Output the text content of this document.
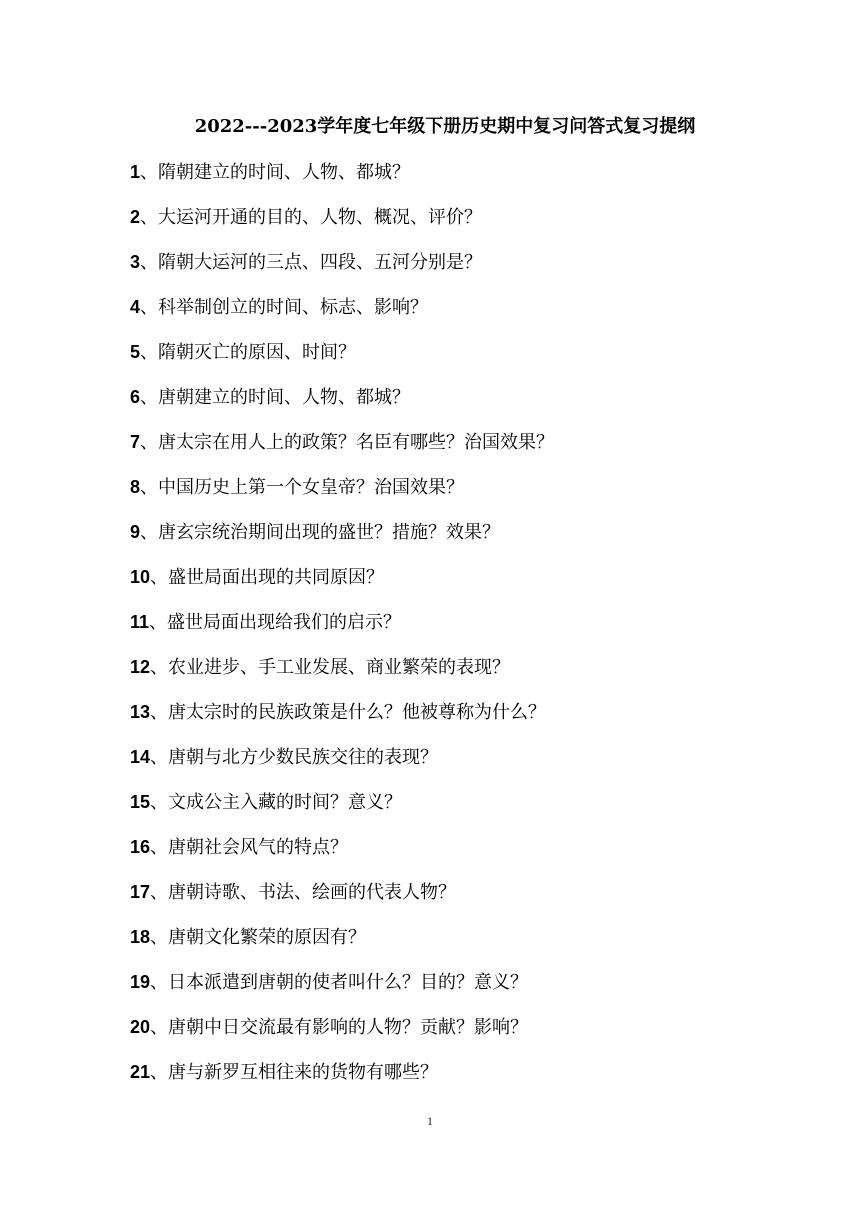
2022---2023学年度七年级下册历史期中复习问答式复习提纲
1、隋朝建立的时间、人物、都城？
2、大运河开通的目的、人物、概况、评价？
3、隋朝大运河的三点、四段、五河分别是？
4、科举制创立的时间、标志、影响？
5、隋朝灭亡的原因、时间？
6、唐朝建立的时间、人物、都城？
7、唐太宗在用人上的政策？名臣有哪些？治国效果？
8、中国历史上第一个女皇帝？治国效果？
9、唐玄宗统治期间出现的盛世？措施？效果？
10、盛世局面出现的共同原因？
11、盛世局面出现给我们的启示？
12、农业进步、手工业发展、商业繁荣的表现？
13、唐太宗时的民族政策是什么？他被尊称为什么？
14、唐朝与北方少数民族交往的表现？
15、文成公主入藏的时间？意义？
16、唐朝社会风气的特点？
17、唐朝诗歌、书法、绘画的代表人物？
18、唐朝文化繁荣的原因有？
19、日本派遣到唐朝的使者叫什么？目的？意义？
20、唐朝中日交流最有影响的人物？贡献？影响？
21、唐与新罗互相往来的货物有哪些？
1
